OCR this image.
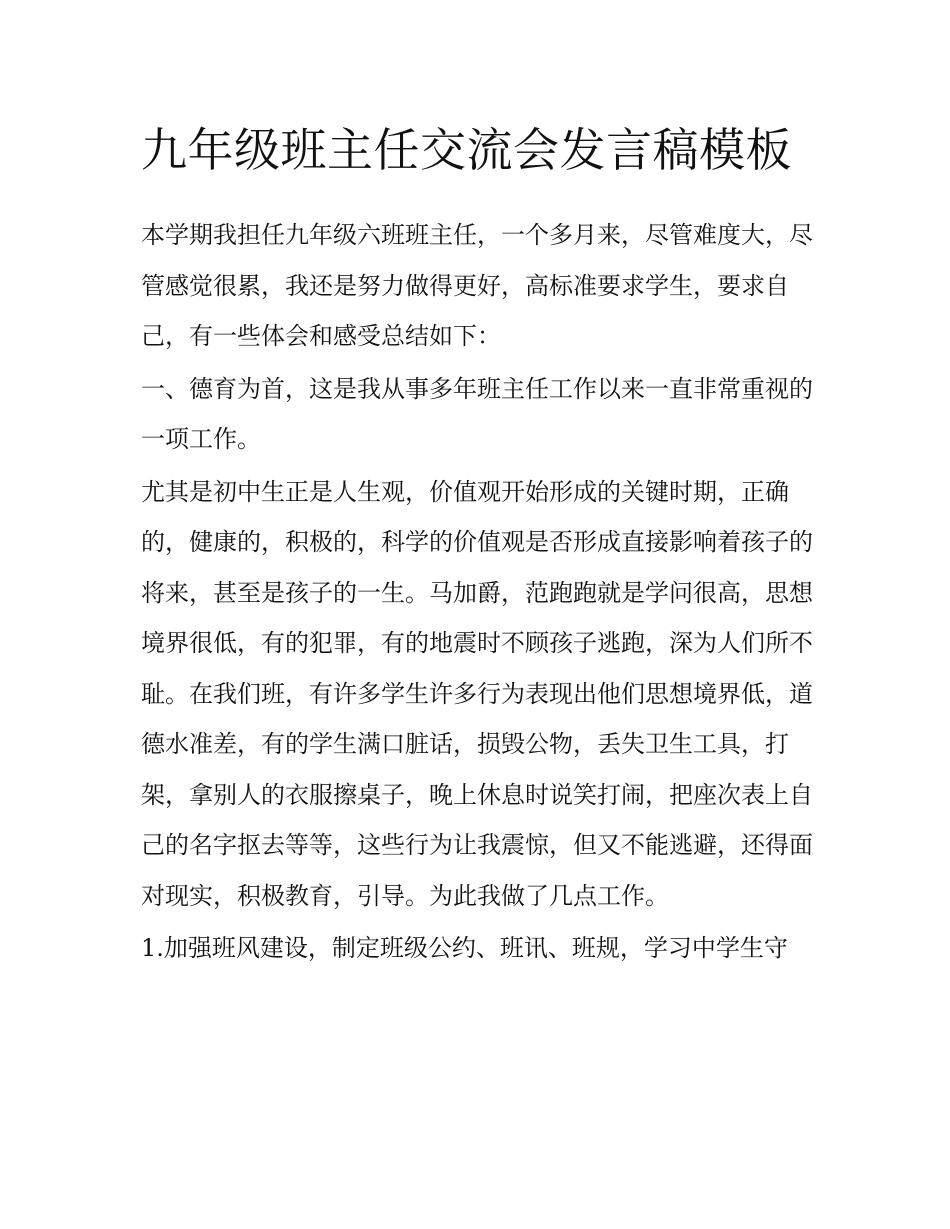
九年级班主任交流会发言稿模板

本学期我担任九年级六班班主任，一个多月来，尽管难度大，尽管感觉很累，我还是努力做得更好，高标准要求学生，要求自己，有一些体会和感受总结如下：

一、德育为首，这是我从事多年班主任工作以来一直非常重视的一项工作。

尤其是初中生正是人生观，价值观开始形成的关键时期，正确的，健康的，积极的，科学的价值观是否形成直接影响着孩子的将来，甚至是孩子的一生。马加爵，范跑跑就是学问很高，思想境界很低，有的犯罪，有的地震时不顾孩子逃跑，深为人们所不耻。在我们班，有许多学生许多行为表现出他们思想境界低，道德水准差，有的学生满口脏话，损毁公物，丢失卫生工具，打架，拿别人的衣服擦桌子，晚上休息时说笑打闹，把座次表上自己的名字抠去等等，这些行为让我震惊，但又不能逃避，还得面对现实，积极教育，引导。为此我做了几点工作。

1.加强班风建设，制定班级公约、班讯、班规，学习中学生守
